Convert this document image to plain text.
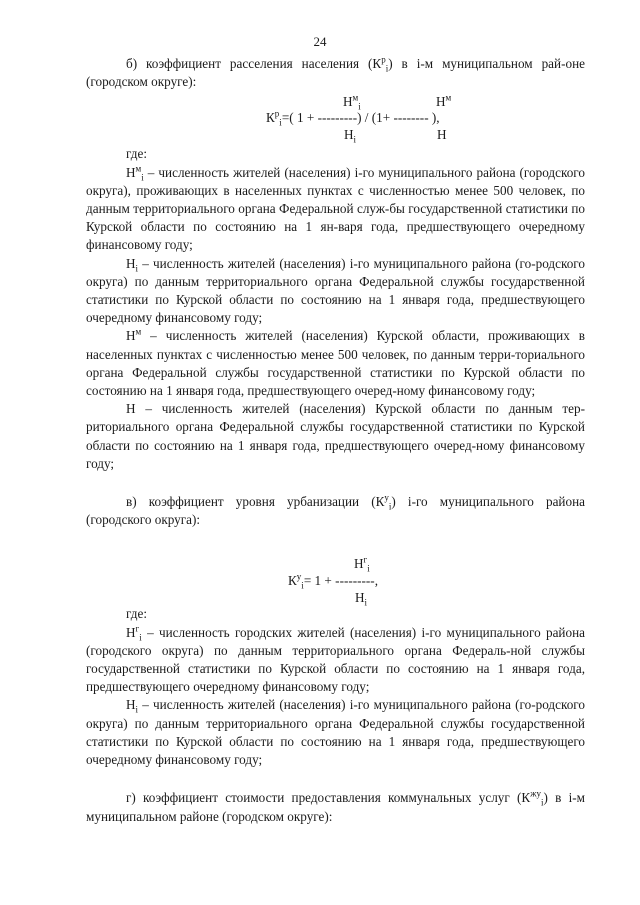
24

б) коэффициент расселения населения $(К^р_i)$ в i-м муниципальном рай-оне (городском округе):

$Н^м_i$	$Н^м$
$К^р_i=$( 1 + ---------) / (1+ -------- ),
$Н_i$	Н

где:

$Н^м_i$ – численность жителей (населения) i-го муниципального района (городского округа), проживающих в населенных пунктах с численностью менее 500 человек, по данным территориального органа Федеральной служ-бы государственной статистики по Курской области по состоянию на 1 ян-варя года, предшествующего очередному финансовому году;

$Н_i$ – численность жителей (населения) i-го муниципального района (го-родского округа) по данным территориального органа Федеральной службы государственной статистики по Курской области по состоянию на 1 января года, предшествующего очередному финансовому году;

$Н^м$ – численность жителей (населения) Курской области, проживающих в населенных пунктах с численностью менее 500 человек, по данным терри-ториального органа Федеральной службы государственной статистики по Курской области по состоянию на 1 января года, предшествующего очеред-ному финансовому году;

Н – численность жителей (населения) Курской области по данным тер-риториального органа Федеральной службы государственной статистики по Курской области по состоянию на 1 января года, предшествующего очеред-ному финансовому году;

в) коэффициент уровня урбанизации $(К^у_i)$ i-го муниципального района (городского округа):

$Н^г_i$
$К^у_i= 1$ + ---------,
$Н_i$

где:

$Н^г_i$ – численность городских жителей (населения) i-го муниципального района (городского округа) по данным территориального органа Федераль-ной службы государственной статистики по Курской области по состоянию на 1 января года, предшествующего очередному финансовому году;

$Н_i$ – численность жителей (населения) i-го муниципального района (го-родского округа) по данным территориального органа Федеральной службы государственной статистики по Курской области по состоянию на 1 января года, предшествующего очередному финансовому году;

г) коэффициент стоимости предоставления коммунальных услуг $(К^{жу}_i)$ в i-м муниципальном районе (городском округе):
